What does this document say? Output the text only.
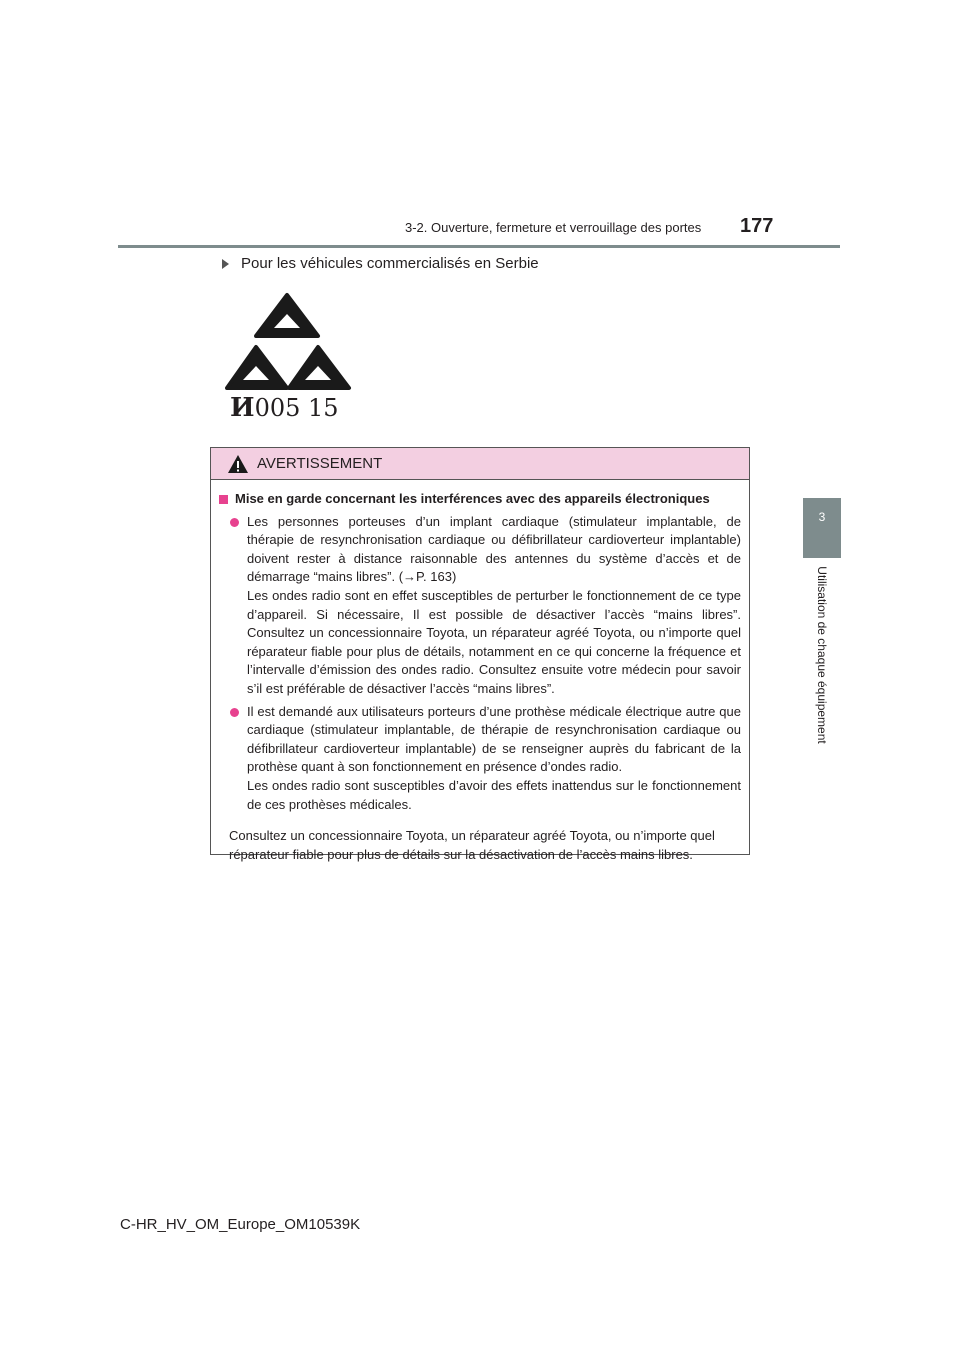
3-2. Ouverture, fermeture et verrouillage des portes 177
3
Utilisation de chaque équipement
Pour les véhicules commercialisés en Serbie
И005 15
AVERTISSEMENT
Mise en garde concernant les interférences avec des appareils électroniques

Les personnes porteuses d’un implant cardiaque (stimulateur implantable, de thérapie de resynchronisation cardiaque ou défibrillateur cardioverteur implantable) doivent rester à distance raisonnable des antennes du système d’accès et de démarrage “mains libres”. (→P. 163)

Les ondes radio sont en effet susceptibles de perturber le fonctionnement de ce type d’appareil. Si nécessaire, Il est possible de désactiver l’accès “mains libres”. Consultez un concessionnaire Toyota, un réparateur agréé Toyota, ou n’importe quel réparateur fiable pour plus de détails, notamment en ce qui concerne la fréquence et l’intervalle d’émission des ondes radio. Consultez ensuite votre médecin pour savoir s’il est préférable de désactiver l’accès “mains libres”.

Il est demandé aux utilisateurs porteurs d’une prothèse médicale électrique autre que cardiaque (stimulateur implantable, de thérapie de resynchronisation cardiaque ou défibrillateur cardioverteur implantable) de se renseigner auprès du fabricant de la prothèse quant à son fonctionnement en présence d’ondes radio.

Les ondes radio sont susceptibles d’avoir des effets inattendus sur le fonctionnement de ces prothèses médicales.

Consultez un concessionnaire Toyota, un réparateur agréé Toyota, ou n’importe quel réparateur fiable pour plus de détails sur la désactivation de l’accès mains libres.

C-HR_HV_OM_Europe_OM10539K
